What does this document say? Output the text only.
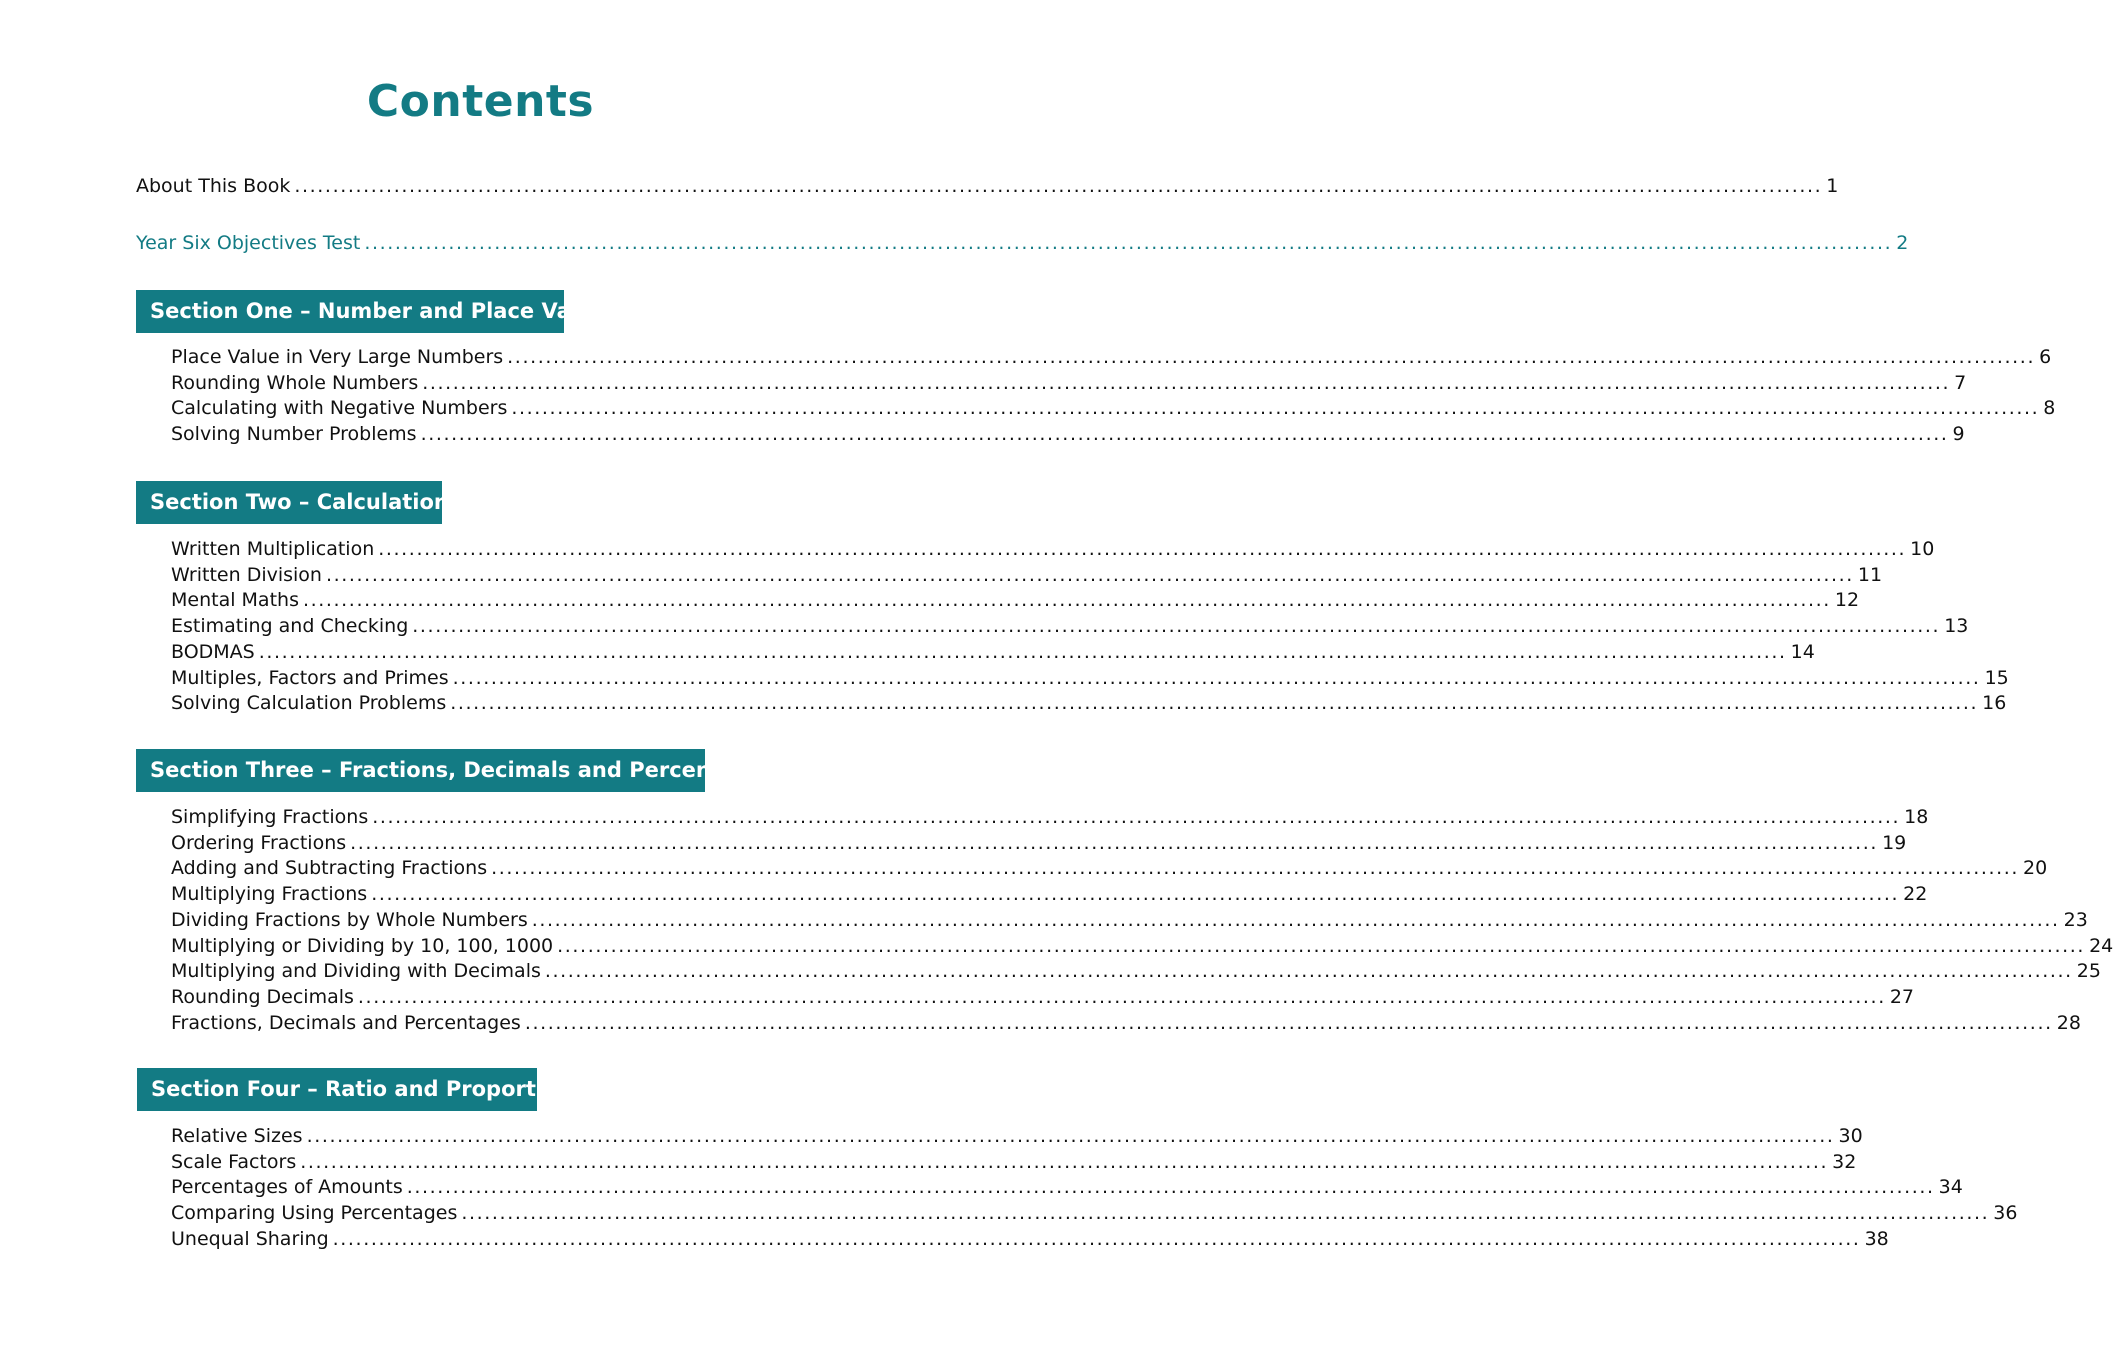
Contents
About This Book ........................................................................................................................................................................................................ 1
Year Six Objectives Test ........................................................................................................................................................................................................ 2
Section One – Number and Place Value
Place Value in Very Large Numbers ........................................................................................................................................................................................................ 6
Rounding Whole Numbers ........................................................................................................................................................................................................ 7
Calculating with Negative Numbers ........................................................................................................................................................................................................ 8
Solving Number Problems ........................................................................................................................................................................................................ 9
Section Two – Calculations
Written Multiplication ........................................................................................................................................................................................................ 10
Written Division ........................................................................................................................................................................................................ 11
Mental Maths ........................................................................................................................................................................................................ 12
Estimating and Checking ........................................................................................................................................................................................................ 13
BODMAS ........................................................................................................................................................................................................ 14
Multiples, Factors and Primes ........................................................................................................................................................................................................ 15
Solving Calculation Problems ........................................................................................................................................................................................................ 16
Section Three – Fractions, Decimals and Percentages
Simplifying Fractions ........................................................................................................................................................................................................ 18
Ordering Fractions ........................................................................................................................................................................................................ 19
Adding and Subtracting Fractions ........................................................................................................................................................................................................ 20
Multiplying Fractions ........................................................................................................................................................................................................ 22
Dividing Fractions by Whole Numbers ........................................................................................................................................................................................................ 23
Multiplying or Dividing by 10, 100, 1000 ........................................................................................................................................................................................................ 24
Multiplying and Dividing with Decimals ........................................................................................................................................................................................................ 25
Rounding Decimals ........................................................................................................................................................................................................ 27
Fractions, Decimals and Percentages ........................................................................................................................................................................................................ 28
Section Four – Ratio and Proportion
Relative Sizes ........................................................................................................................................................................................................ 30
Scale Factors ........................................................................................................................................................................................................ 32
Percentages of Amounts ........................................................................................................................................................................................................ 34
Comparing Using Percentages ........................................................................................................................................................................................................ 36
Unequal Sharing ........................................................................................................................................................................................................ 38
